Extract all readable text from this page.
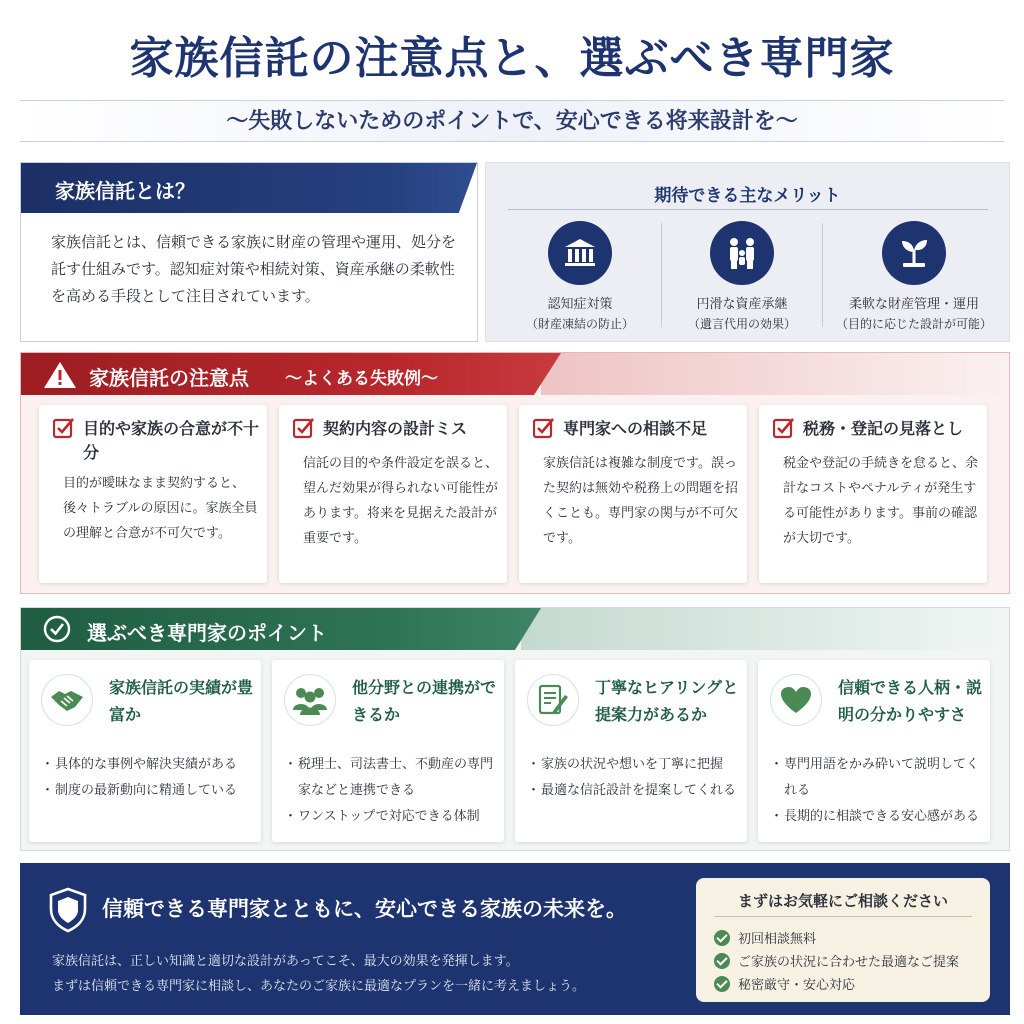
家族信託の注意点と、選ぶべき専門家
〜失敗しないためのポイントで、安心できる将来設計を〜
家族信託とは？
家族信託とは、信頼できる家族に財産の管理や運用、処分を託す仕組みです。認知症対策や相続対策、資産承継の柔軟性を高める手段として注目されています。
期待できる主なメリット
認知症対策
（財産凍結の防止）
円滑な資産承継
（遺言代用の効果）
柔軟な財産管理・運用
（目的に応じた設計が可能）
家族信託の注意点 〜よくある失敗例〜
目的や家族の合意が不十分
目的が曖昧なまま契約すると、後々トラブルの原因に。家族全員の理解と合意が不可欠です。
契約内容の設計ミス
信託の目的や条件設定を誤ると、望んだ効果が得られない可能性があります。将来を見据えた設計が重要です。
専門家への相談不足
家族信託は複雑な制度です。誤った契約は無効や税務上の問題を招くことも。専門家の関与が不可欠です。
税務・登記の見落とし
税金や登記の手続きを怠ると、余計なコストやペナルティが発生する可能性があります。事前の確認が大切です。
選ぶべき専門家のポイント
家族信託の実績が豊富か
・ 具体的な事例や解決実績がある
・ 制度の最新動向に精通している
他分野との連携ができるか
・ 税理士、司法書士、不動産の専門家などと連携できる
・ ワンストップで対応できる体制
丁寧なヒアリングと提案力があるか
・ 家族の状況や想いを丁寧に把握
・ 最適な信託設計を提案してくれる
信頼できる人柄・説明の分かりやすさ
・ 専門用語をかみ砕いて説明してくれる
・ 長期的に相談できる安心感がある
信頼できる専門家とともに、安心できる家族の未来を。
家族信託は、正しい知識と適切な設計があってこそ、最大の効果を発揮します。
まずは信頼できる専門家に相談し、あなたのご家族に最適なプランを一緒に考えましょう。
まずはお気軽にご相談ください
初回相談無料
ご家族の状況に合わせた最適なご提案
秘密厳守・安心対応
